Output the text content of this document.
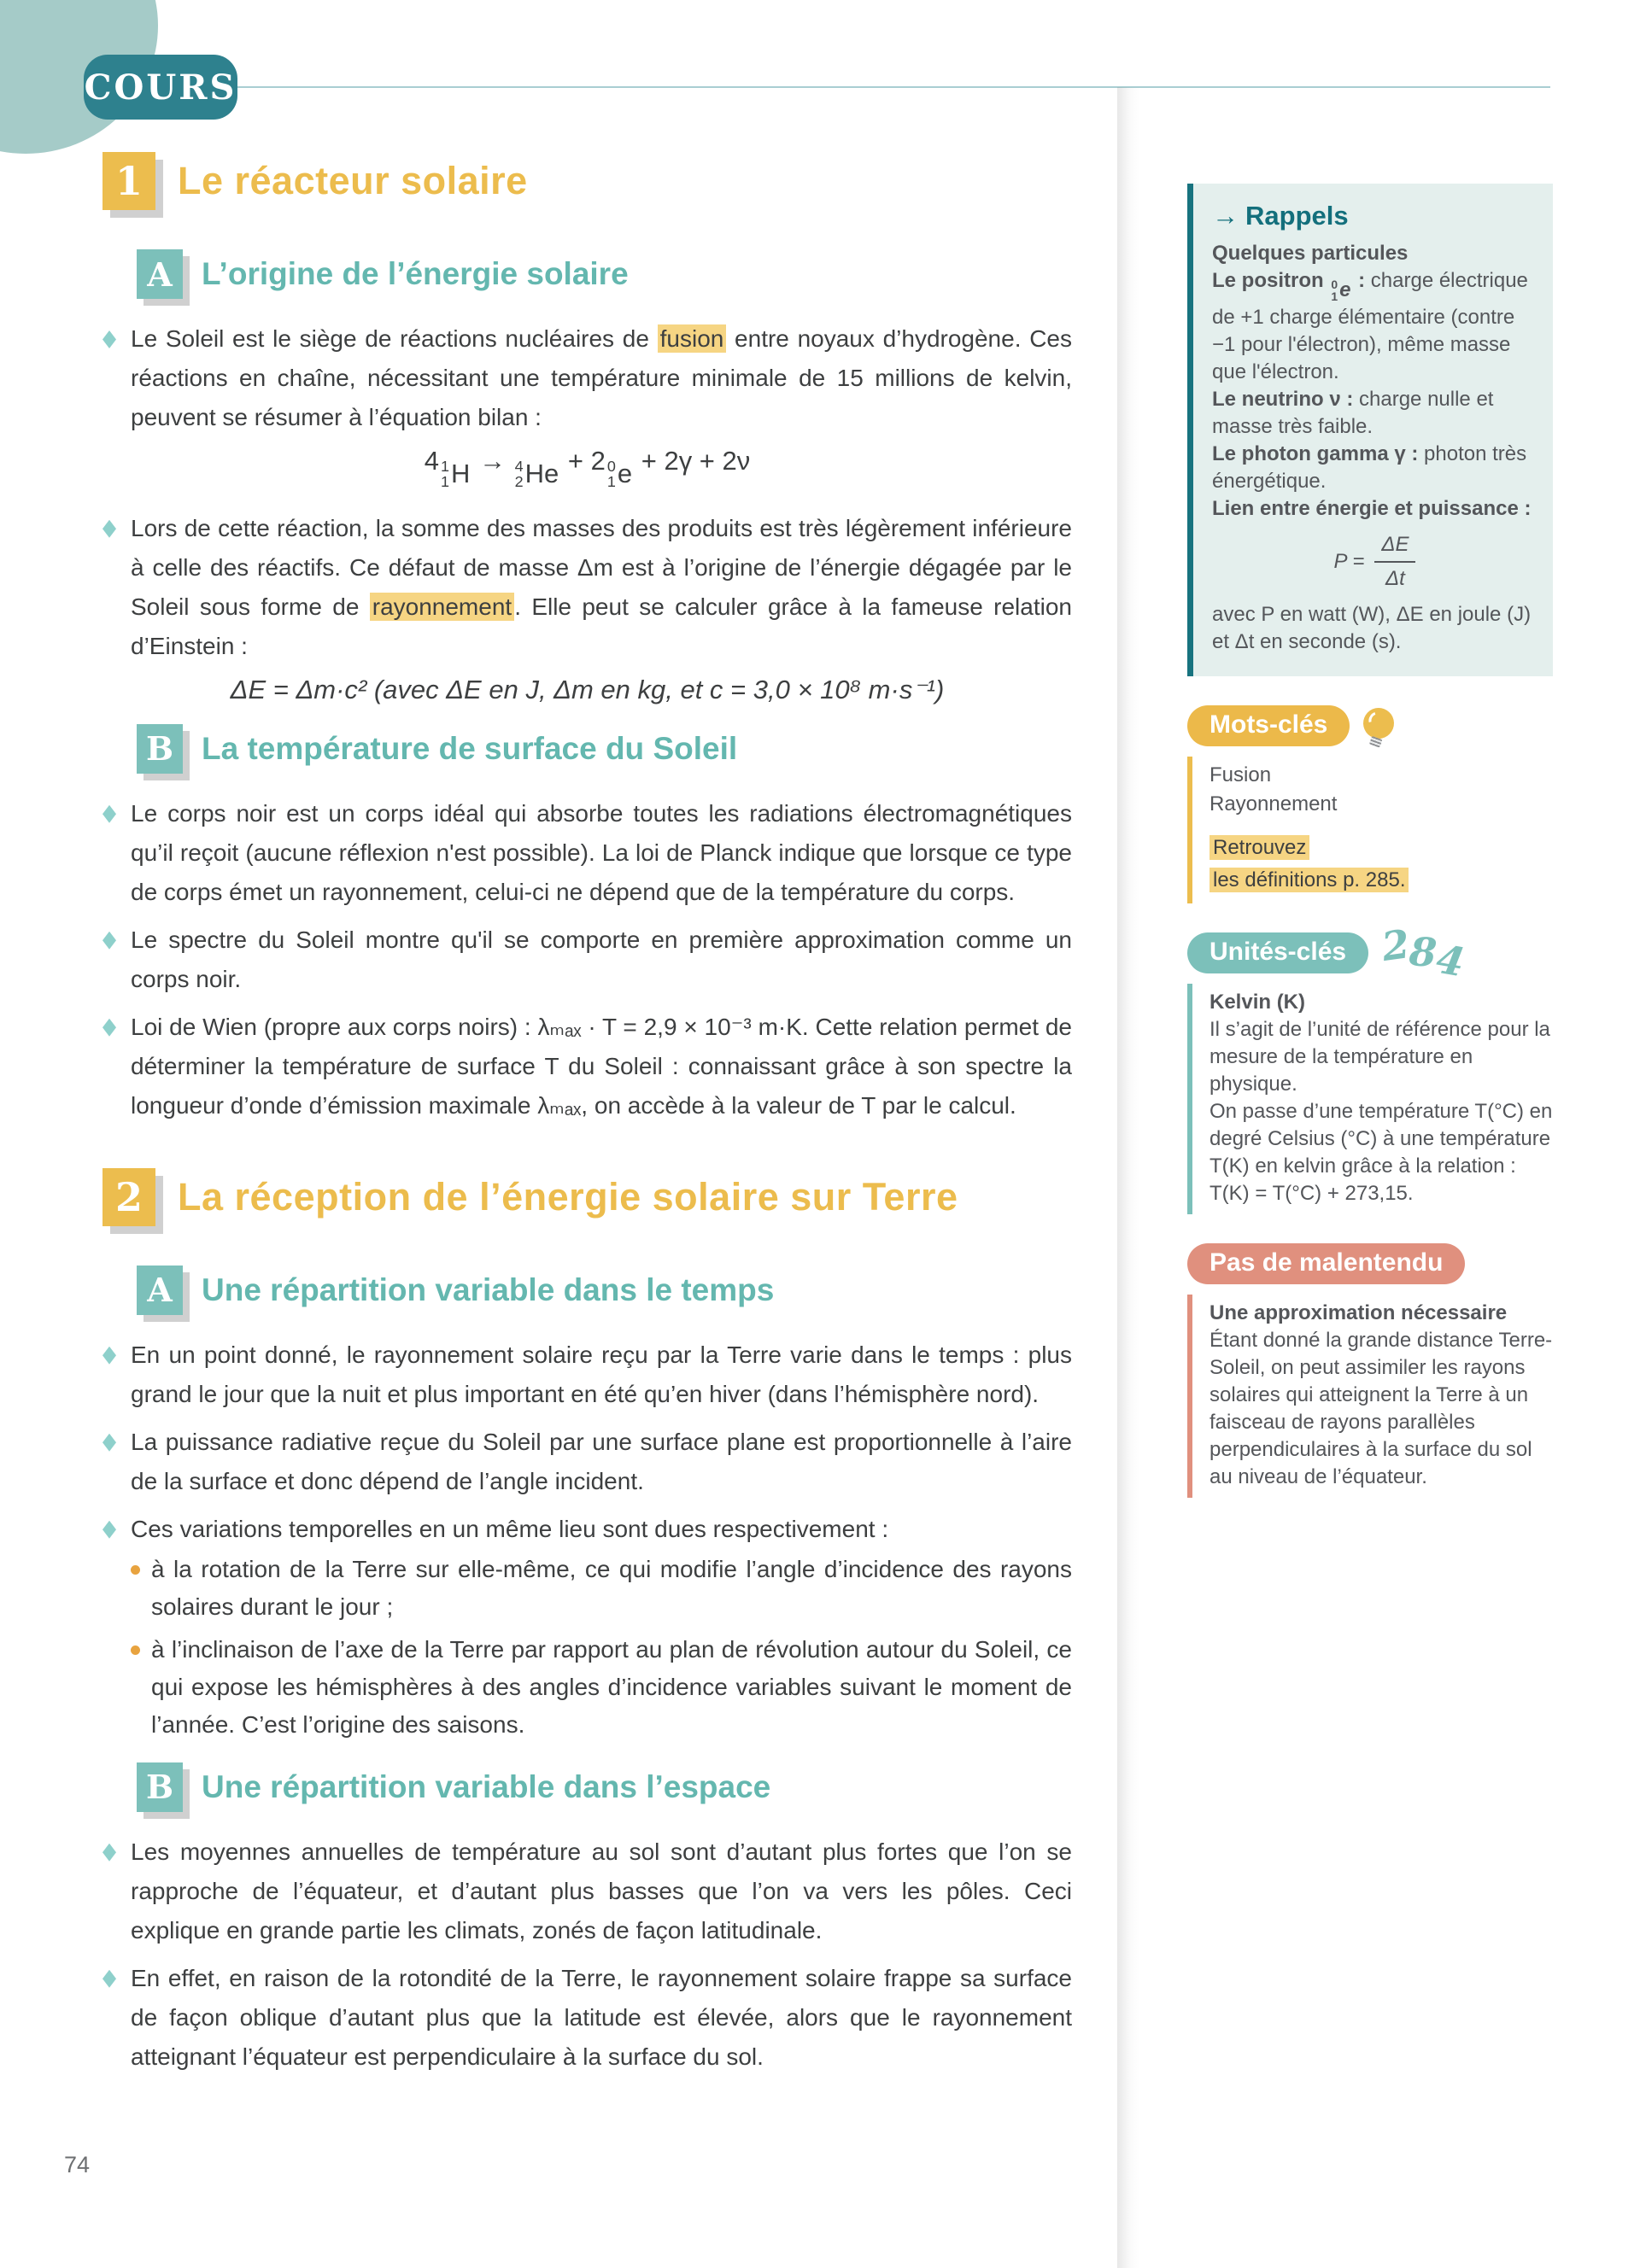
COURS
1 Le réacteur solaire
A L’origine de l’énergie solaire
Le Soleil est le siège de réactions nucléaires de fusion entre noyaux d’hydrogène. Ces réactions en chaîne, nécessitant une température minimale de 15 millions de kelvin, peuvent se résumer à l’équation bilan :
4 1
1 H → 4
2 He + 2 0
1 e + 2γ + 2ν
Lors de cette réaction, la somme des masses des produits est très légèrement inférieure à celle des réactifs. Ce défaut de masse Δm est à l’origine de l’énergie dégagée par le Soleil sous forme de rayonnement . Elle peut se calculer grâce à la fameuse relation d’Einstein :
ΔE = Δm·c² (avec ΔE en J, Δm en kg, et c = 3,0 × 10⁸ m·s⁻¹)
B La température de surface du Soleil
Le corps noir est un corps idéal qui absorbe toutes les radiations électromagnétiques qu’il reçoit (aucune réflexion n'est possible). La loi de Planck indique que lorsque ce type de corps émet un rayonnement, celui-ci ne dépend que de la température du corps.
Le spectre du Soleil montre qu'il se comporte en première approximation comme un corps noir.
Loi de Wien (propre aux corps noirs) : λₘₐₓ · T = 2,9 × 10⁻³ m·K. Cette relation permet de déterminer la température de surface T du Soleil : connaissant grâce à son spectre la longueur d’onde d’émission maximale λₘₐₓ, on accède à la valeur de T par le calcul.
2 La réception de l’énergie solaire sur Terre
A Une répartition variable dans le temps
En un point donné, le rayonnement solaire reçu par la Terre varie dans le temps : plus grand le jour que la nuit et plus important en été qu’en hiver (dans l’hémisphère nord).
La puissance radiative reçue du Soleil par une surface plane est proportionnelle à l’aire de la surface et donc dépend de l’angle incident.
Ces variations temporelles en un même lieu sont dues respectivement :
à la rotation de la Terre sur elle-même, ce qui modifie l’angle d’incidence des rayons solaires durant le jour ;
à l’inclinaison de l’axe de la Terre par rapport au plan de révolution autour du Soleil, ce qui expose les hémisphères à des angles d’incidence variables suivant le moment de l’année. C’est l’origine des saisons.
B Une répartition variable dans l’espace
Les moyennes annuelles de température au sol sont d’autant plus fortes que l’on se rapproche de l’équateur, et d’autant plus basses que l’on va vers les pôles. Ceci explique en grande partie les climats, zonés de façon latitudinale.
En effet, en raison de la rotondité de la Terre, le rayonnement solaire frappe sa surface de façon oblique d’autant plus que la latitude est élevée, alors que le rayonnement atteignant l’équateur est perpendiculaire à la surface du sol.
→ Rappels
Quelques particules
Le positron 0
1 e : charge électrique de +1 charge élémentaire (contre −1 pour l'électron), même masse que l'électron.
Le neutrino ν : charge nulle et masse très faible.
Le photon gamma γ : photon très énergétique.
Lien entre énergie et puissance :
$P = \frac{\Delta E}{\Delta t}$
avec P en watt (W), ΔE en joule (J) et Δt en seconde (s).
Mots-clés
Fusion
Rayonnement
Retrouvez
les définitions p. 285.
Unités-clés 2
8
4
Kelvin (K)
Il s’agit de l’unité de référence pour la mesure de la température en physique.
On passe d’une température T(°C) en degré Celsius (°C) à une température T(K) en kelvin grâce à la relation :
T(K) = T(°C) + 273,15.
Pas de malentendu
Une approximation nécessaire
Étant donné la grande distance Terre-Soleil, on peut assimiler les rayons solaires qui atteignent la Terre à un faisceau de rayons parallèles perpendiculaires à la surface du sol au niveau de l’équateur.
74
